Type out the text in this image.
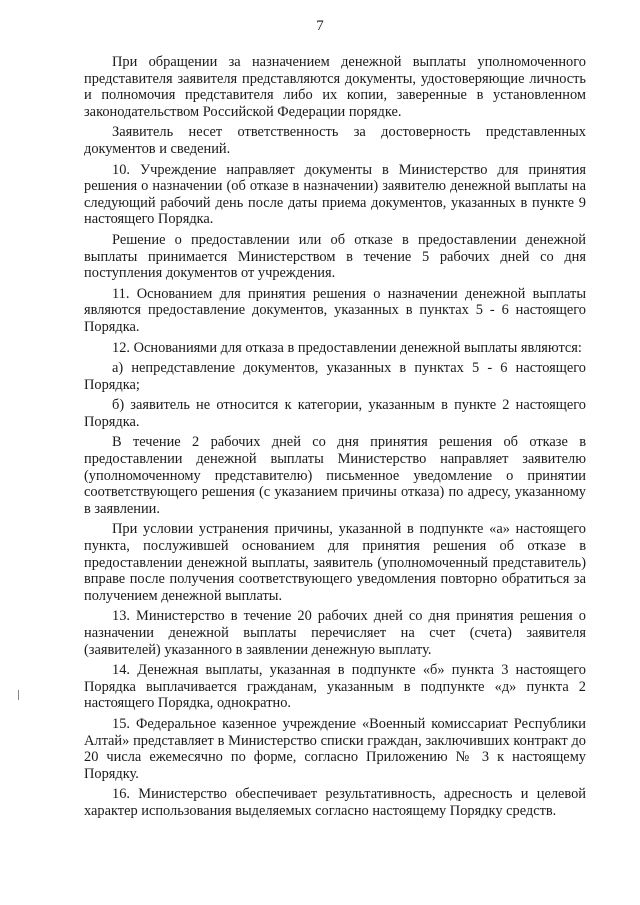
7

При обращении за назначением денежной выплаты уполномоченного представителя заявителя представляются документы, удостоверяющие личность и полномочия представителя либо их копии, заверенные в установленном законодательством Российской Федерации порядке.

Заявитель несет ответственность за достоверность представленных документов и сведений.

10. Учреждение направляет документы в Министерство для принятия решения о назначении (об отказе в назначении) заявителю денежной выплаты на следующий рабочий день после даты приема документов, указанных в пункте 9 настоящего Порядка.

Решение о предоставлении или об отказе в предоставлении денежной выплаты принимается Министерством в течение 5 рабочих дней со дня поступления документов от учреждения.

11. Основанием для принятия решения о назначении денежной выплаты являются предоставление документов, указанных в пунктах 5 - 6 настоящего Порядка.

12. Основаниями для отказа в предоставлении денежной выплаты являются:

а) непредставление документов, указанных в пунктах 5 - 6 настоящего Порядка;

б) заявитель не относится к категории, указанным в пункте 2 настоящего Порядка.

В течение 2 рабочих дней со дня принятия решения об отказе в предоставлении денежной выплаты Министерство направляет заявителю (уполномоченному представителю) письменное уведомление о принятии соответствующего решения (с указанием причины отказа) по адресу, указанному в заявлении.

При условии устранения причины, указанной в подпункте «а» настоящего пункта, послужившей основанием для принятия решения об отказе в предоставлении денежной выплаты, заявитель (уполномоченный представитель) вправе после получения соответствующего уведомления повторно обратиться за получением денежной выплаты.

13. Министерство в течение 20 рабочих дней со дня принятия решения о назначении денежной выплаты перечисляет на счет (счета) заявителя (заявителей) указанного в заявлении денежную выплату.

14. Денежная выплаты, указанная в подпункте «б» пункта 3 настоящего Порядка выплачивается гражданам, указанным в подпункте «д» пункта 2 настоящего Порядка, однократно.

15. Федеральное казенное учреждение «Военный комиссариат Республики Алтай» представляет в Министерство списки граждан, заключивших контракт до 20 числа ежемесячно по форме, согласно Приложению № 3 к настоящему Порядку.

16. Министерство обеспечивает результативность, адресность и целевой характер использования выделяемых согласно настоящему Порядку средств.
